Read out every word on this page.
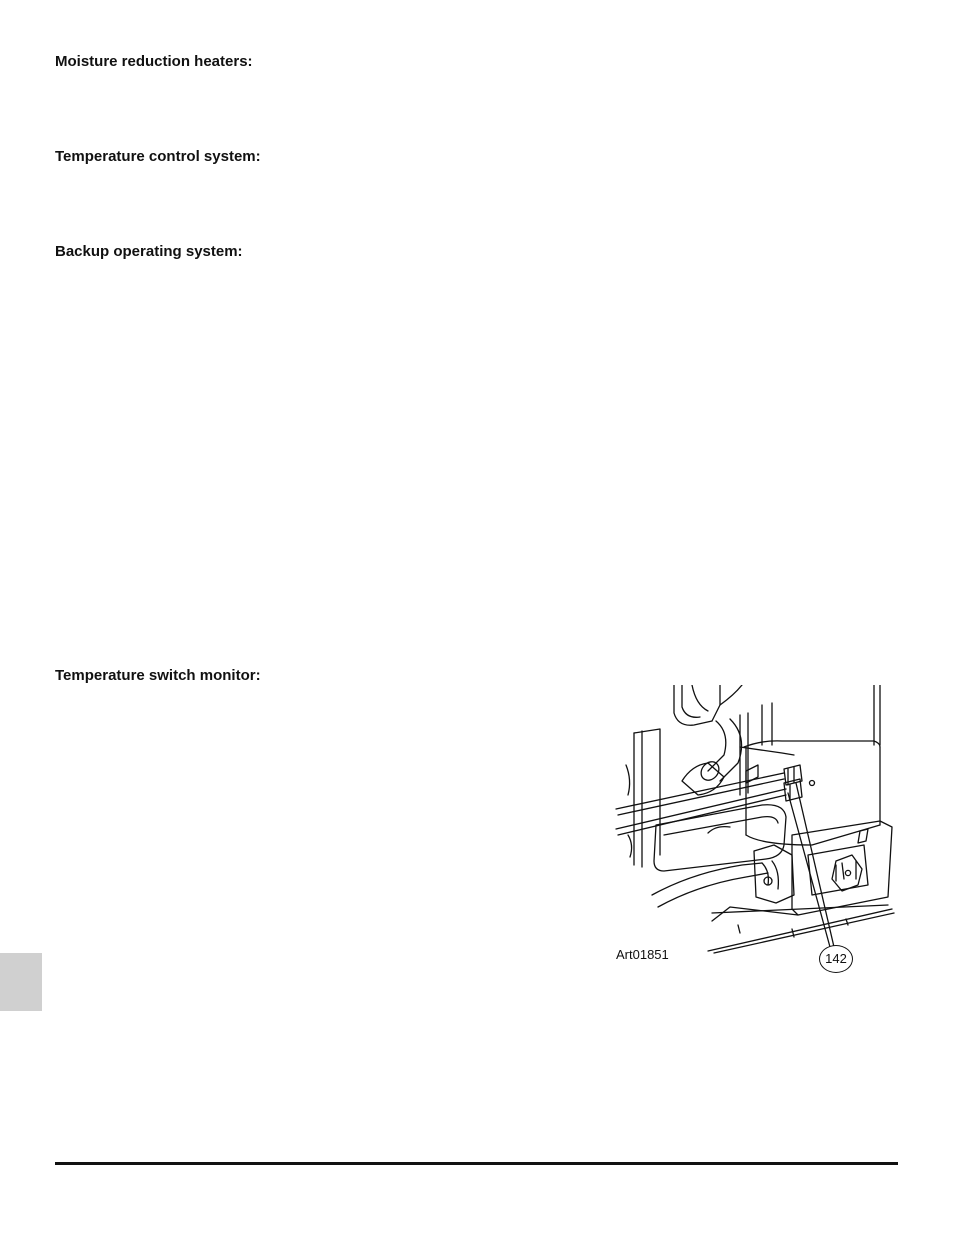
Moisture reduction heaters:
Temperature control system:
Backup operating system:
Temperature switch monitor:
Art01851	142
